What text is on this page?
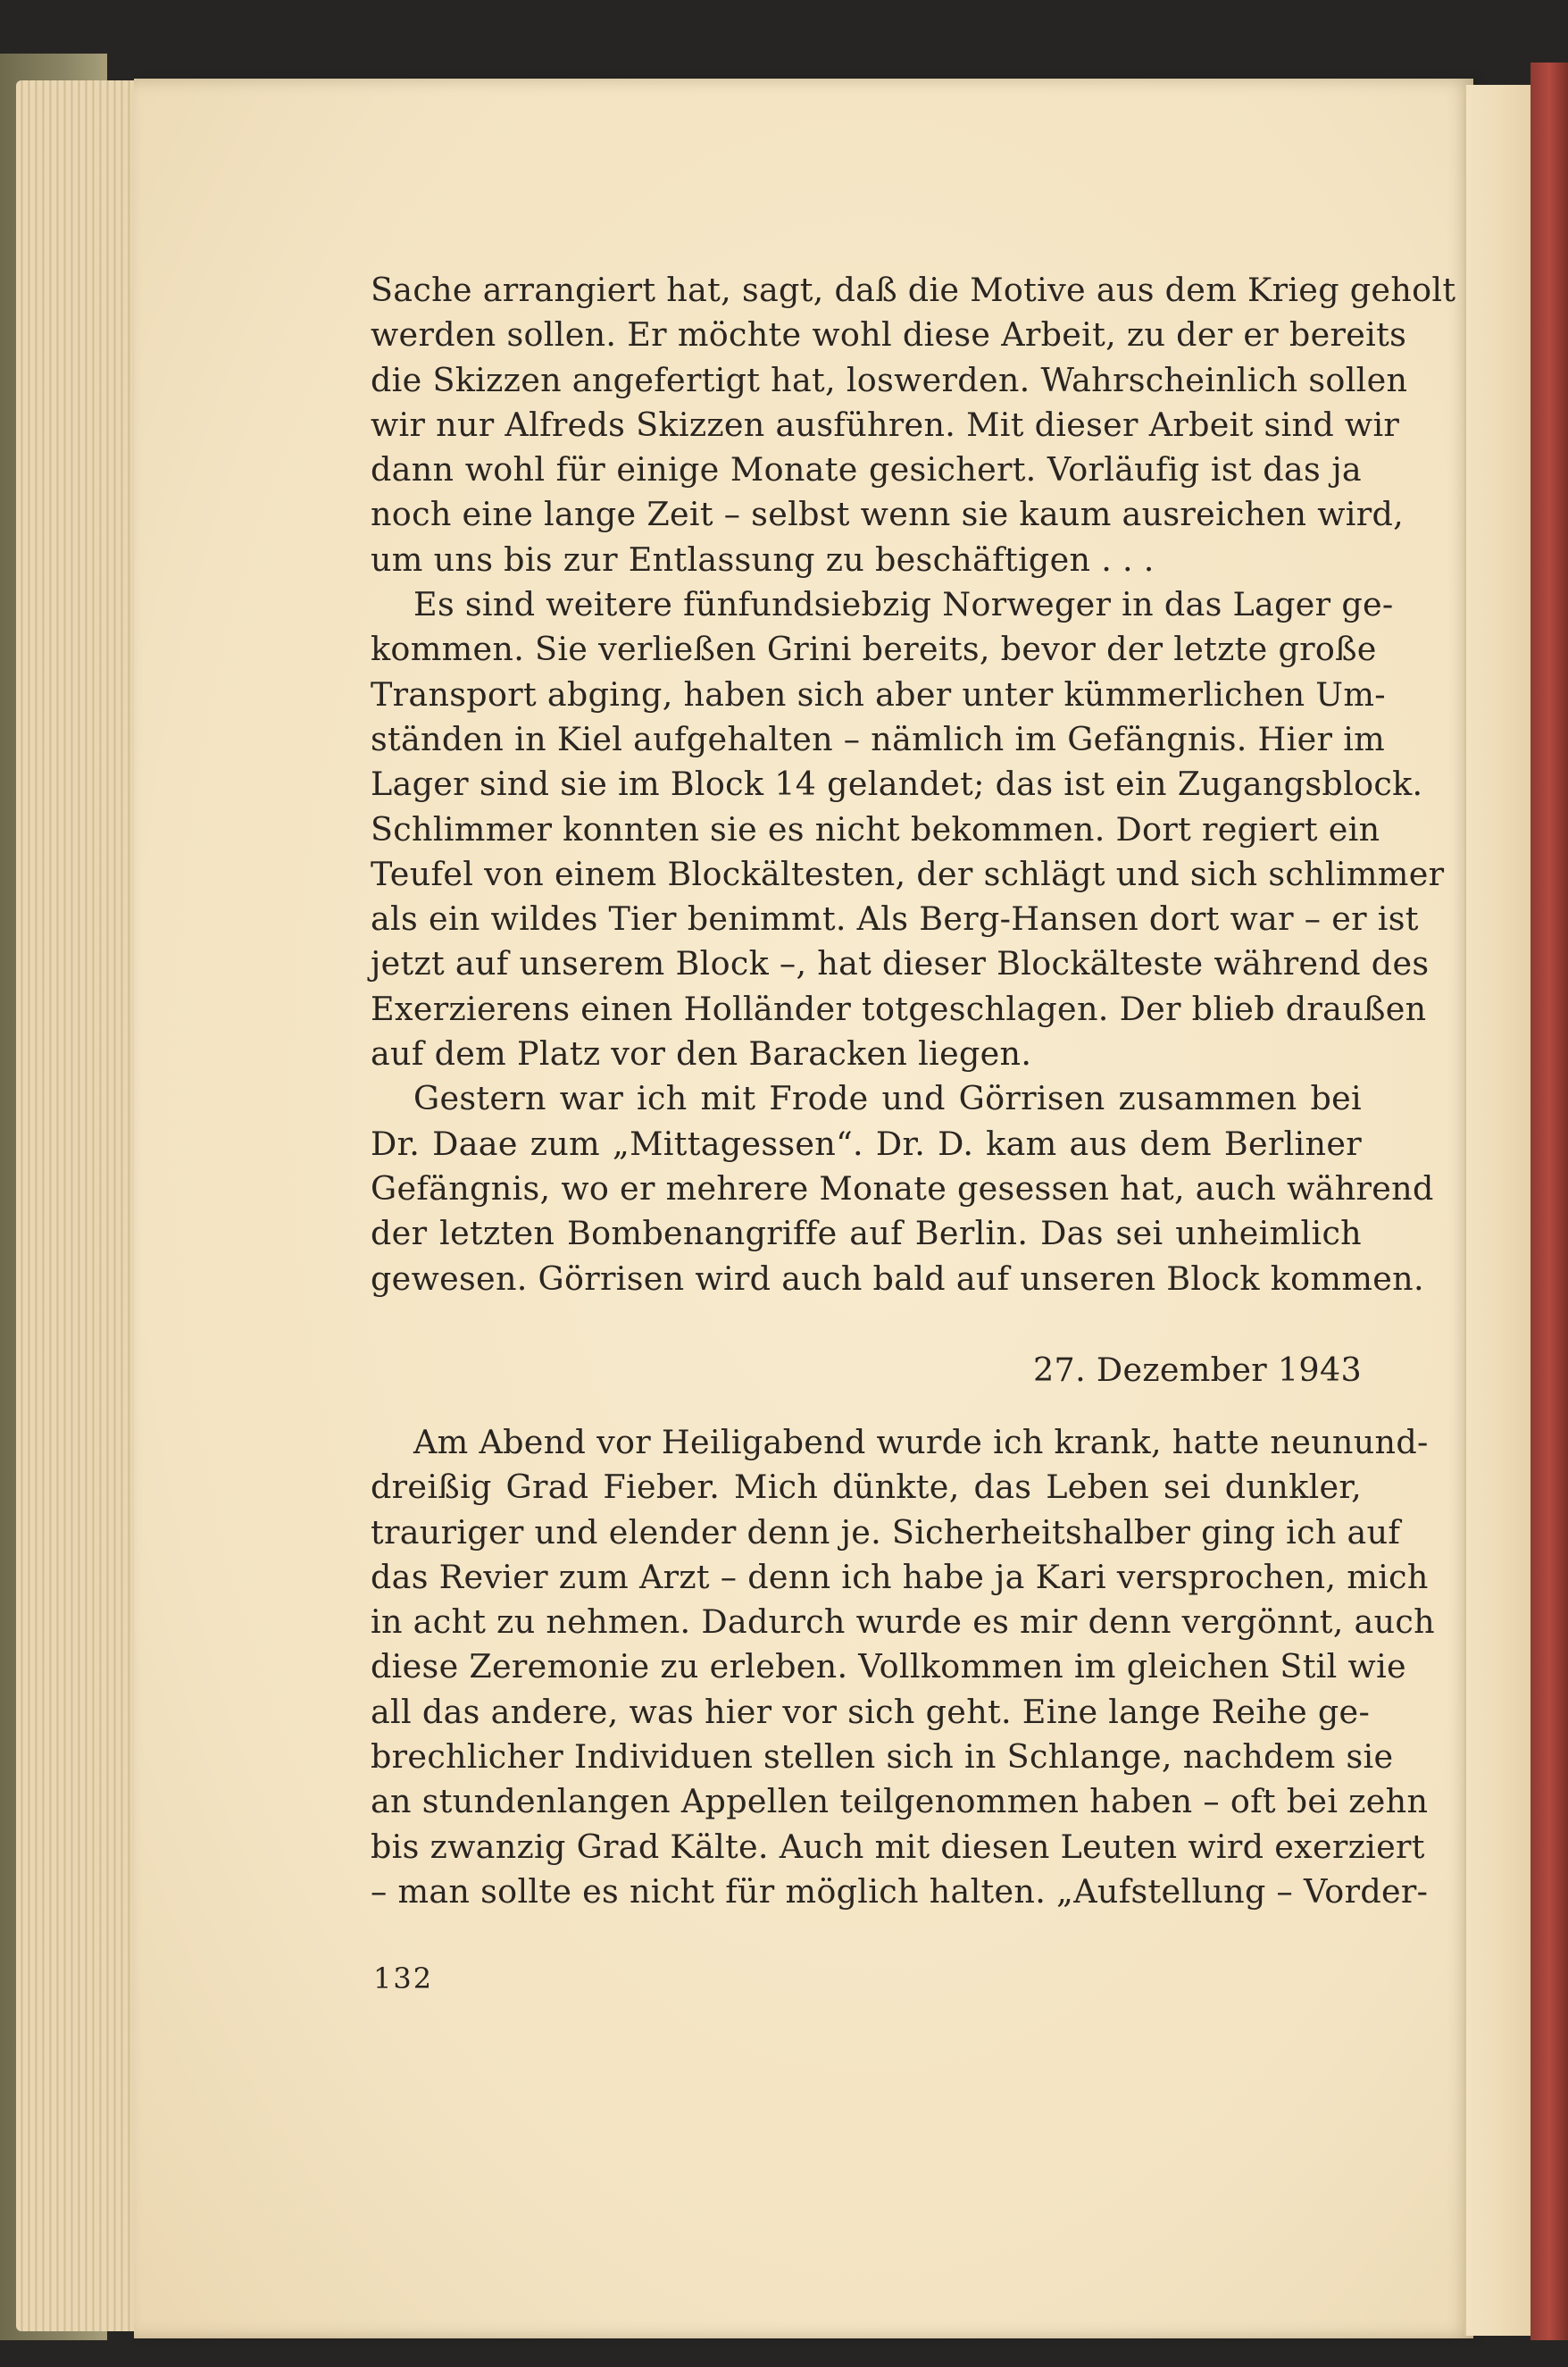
Sache arrangiert hat, sagt, daß die Motive aus dem Krieg geholt
werden sollen. Er möchte wohl diese Arbeit, zu der er bereits
die Skizzen angefertigt hat, loswerden. Wahrscheinlich sollen
wir nur Alfreds Skizzen ausführen. Mit dieser Arbeit sind wir
dann wohl für einige Monate gesichert. Vorläufig ist das ja
noch eine lange Zeit – selbst wenn sie kaum ausreichen wird,
um uns bis zur Entlassung zu beschäftigen . . .
Es sind weitere fünfundsiebzig Norweger in das Lager ge-
kommen. Sie verließen Grini bereits, bevor der letzte große
Transport abging, haben sich aber unter kümmerlichen Um-
ständen in Kiel aufgehalten – nämlich im Gefängnis. Hier im
Lager sind sie im Block 14 gelandet; das ist ein Zugangsblock.
Schlimmer konnten sie es nicht bekommen. Dort regiert ein
Teufel von einem Blockältesten, der schlägt und sich schlimmer
als ein wildes Tier benimmt. Als Berg-Hansen dort war – er ist
jetzt auf unserem Block –, hat dieser Blockälteste während des
Exerzierens einen Holländer totgeschlagen. Der blieb draußen
auf dem Platz vor den Baracken liegen.
Gestern war ich mit Frode und Görrisen zusammen bei
Dr. Daae zum „Mittagessen“. Dr. D. kam aus dem Berliner
Gefängnis, wo er mehrere Monate gesessen hat, auch während
der letzten Bombenangriffe auf Berlin. Das sei unheimlich
gewesen. Görrisen wird auch bald auf unseren Block kommen.
27. Dezember 1943
Am Abend vor Heiligabend wurde ich krank, hatte neunund-
dreißig Grad Fieber. Mich dünkte, das Leben sei dunkler,
trauriger und elender denn je. Sicherheitshalber ging ich auf
das Revier zum Arzt – denn ich habe ja Kari versprochen, mich
in acht zu nehmen. Dadurch wurde es mir denn vergönnt, auch
diese Zeremonie zu erleben. Vollkommen im gleichen Stil wie
all das andere, was hier vor sich geht. Eine lange Reihe ge-
brechlicher Individuen stellen sich in Schlange, nachdem sie
an stundenlangen Appellen teilgenommen haben – oft bei zehn
bis zwanzig Grad Kälte. Auch mit diesen Leuten wird exerziert
– man sollte es nicht für möglich halten. „Aufstellung – Vorder-
132
